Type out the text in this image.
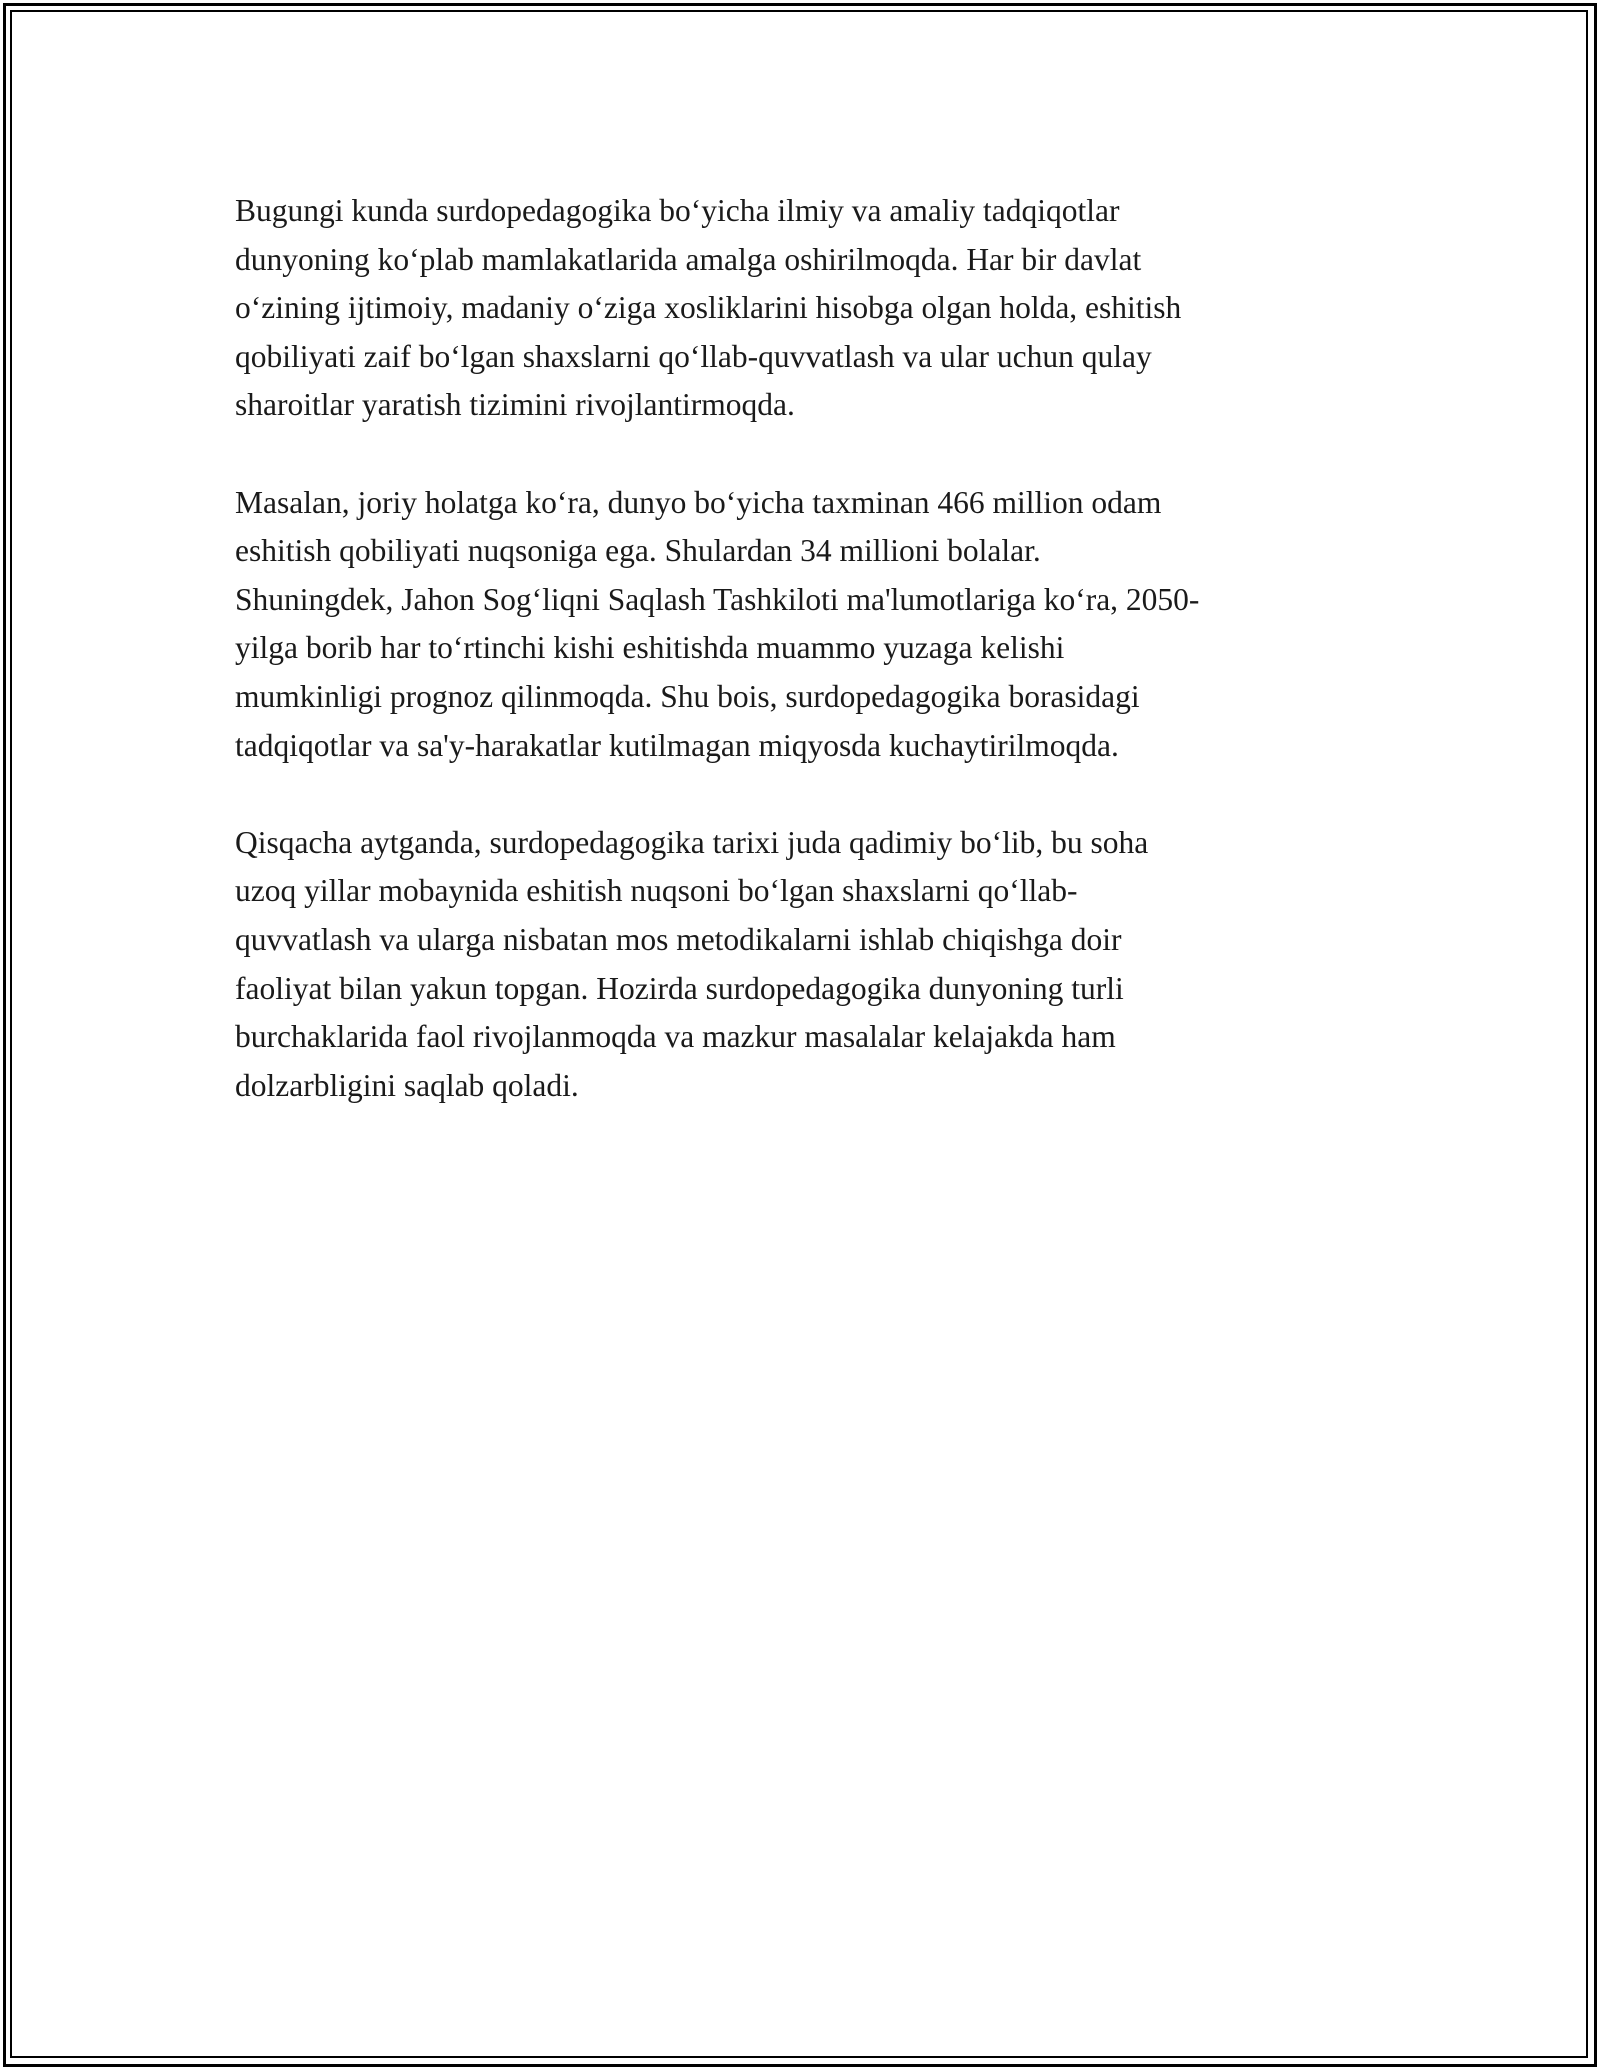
Bugungi kunda surdopedagogika bo‘yicha ilmiy va amaliy tadqiqotlar
dunyoning ko‘plab mamlakatlarida amalga oshirilmoqda. Har bir davlat
o‘zining ijtimoiy, madaniy o‘ziga xosliklarini hisobga olgan holda, eshitish
qobiliyati zaif bo‘lgan shaxslarni qo‘llab-quvvatlash va ular uchun qulay
sharoitlar yaratish tizimini rivojlantirmoqda.

Masalan, joriy holatga ko‘ra, dunyo bo‘yicha taxminan 466 million odam
eshitish qobiliyati nuqsoniga ega. Shulardan 34 millioni bolalar.
Shuningdek, Jahon Sog‘liqni Saqlash Tashkiloti ma'lumotlariga ko‘ra, 2050-
yilga borib har to‘rtinchi kishi eshitishda muammo yuzaga kelishi
mumkinligi prognoz qilinmoqda. Shu bois, surdopedagogika borasidagi
tadqiqotlar va sa'y-harakatlar kutilmagan miqyosda kuchaytirilmoqda.

Qisqacha aytganda, surdopedagogika tarixi juda qadimiy bo‘lib, bu soha
uzoq yillar mobaynida eshitish nuqsoni bo‘lgan shaxslarni qo‘llab-
quvvatlash va ularga nisbatan mos metodikalarni ishlab chiqishga doir
faoliyat bilan yakun topgan. Hozirda surdopedagogika dunyoning turli
burchaklarida faol rivojlanmoqda va mazkur masalalar kelajakda ham
dolzarbligini saqlab qoladi.
